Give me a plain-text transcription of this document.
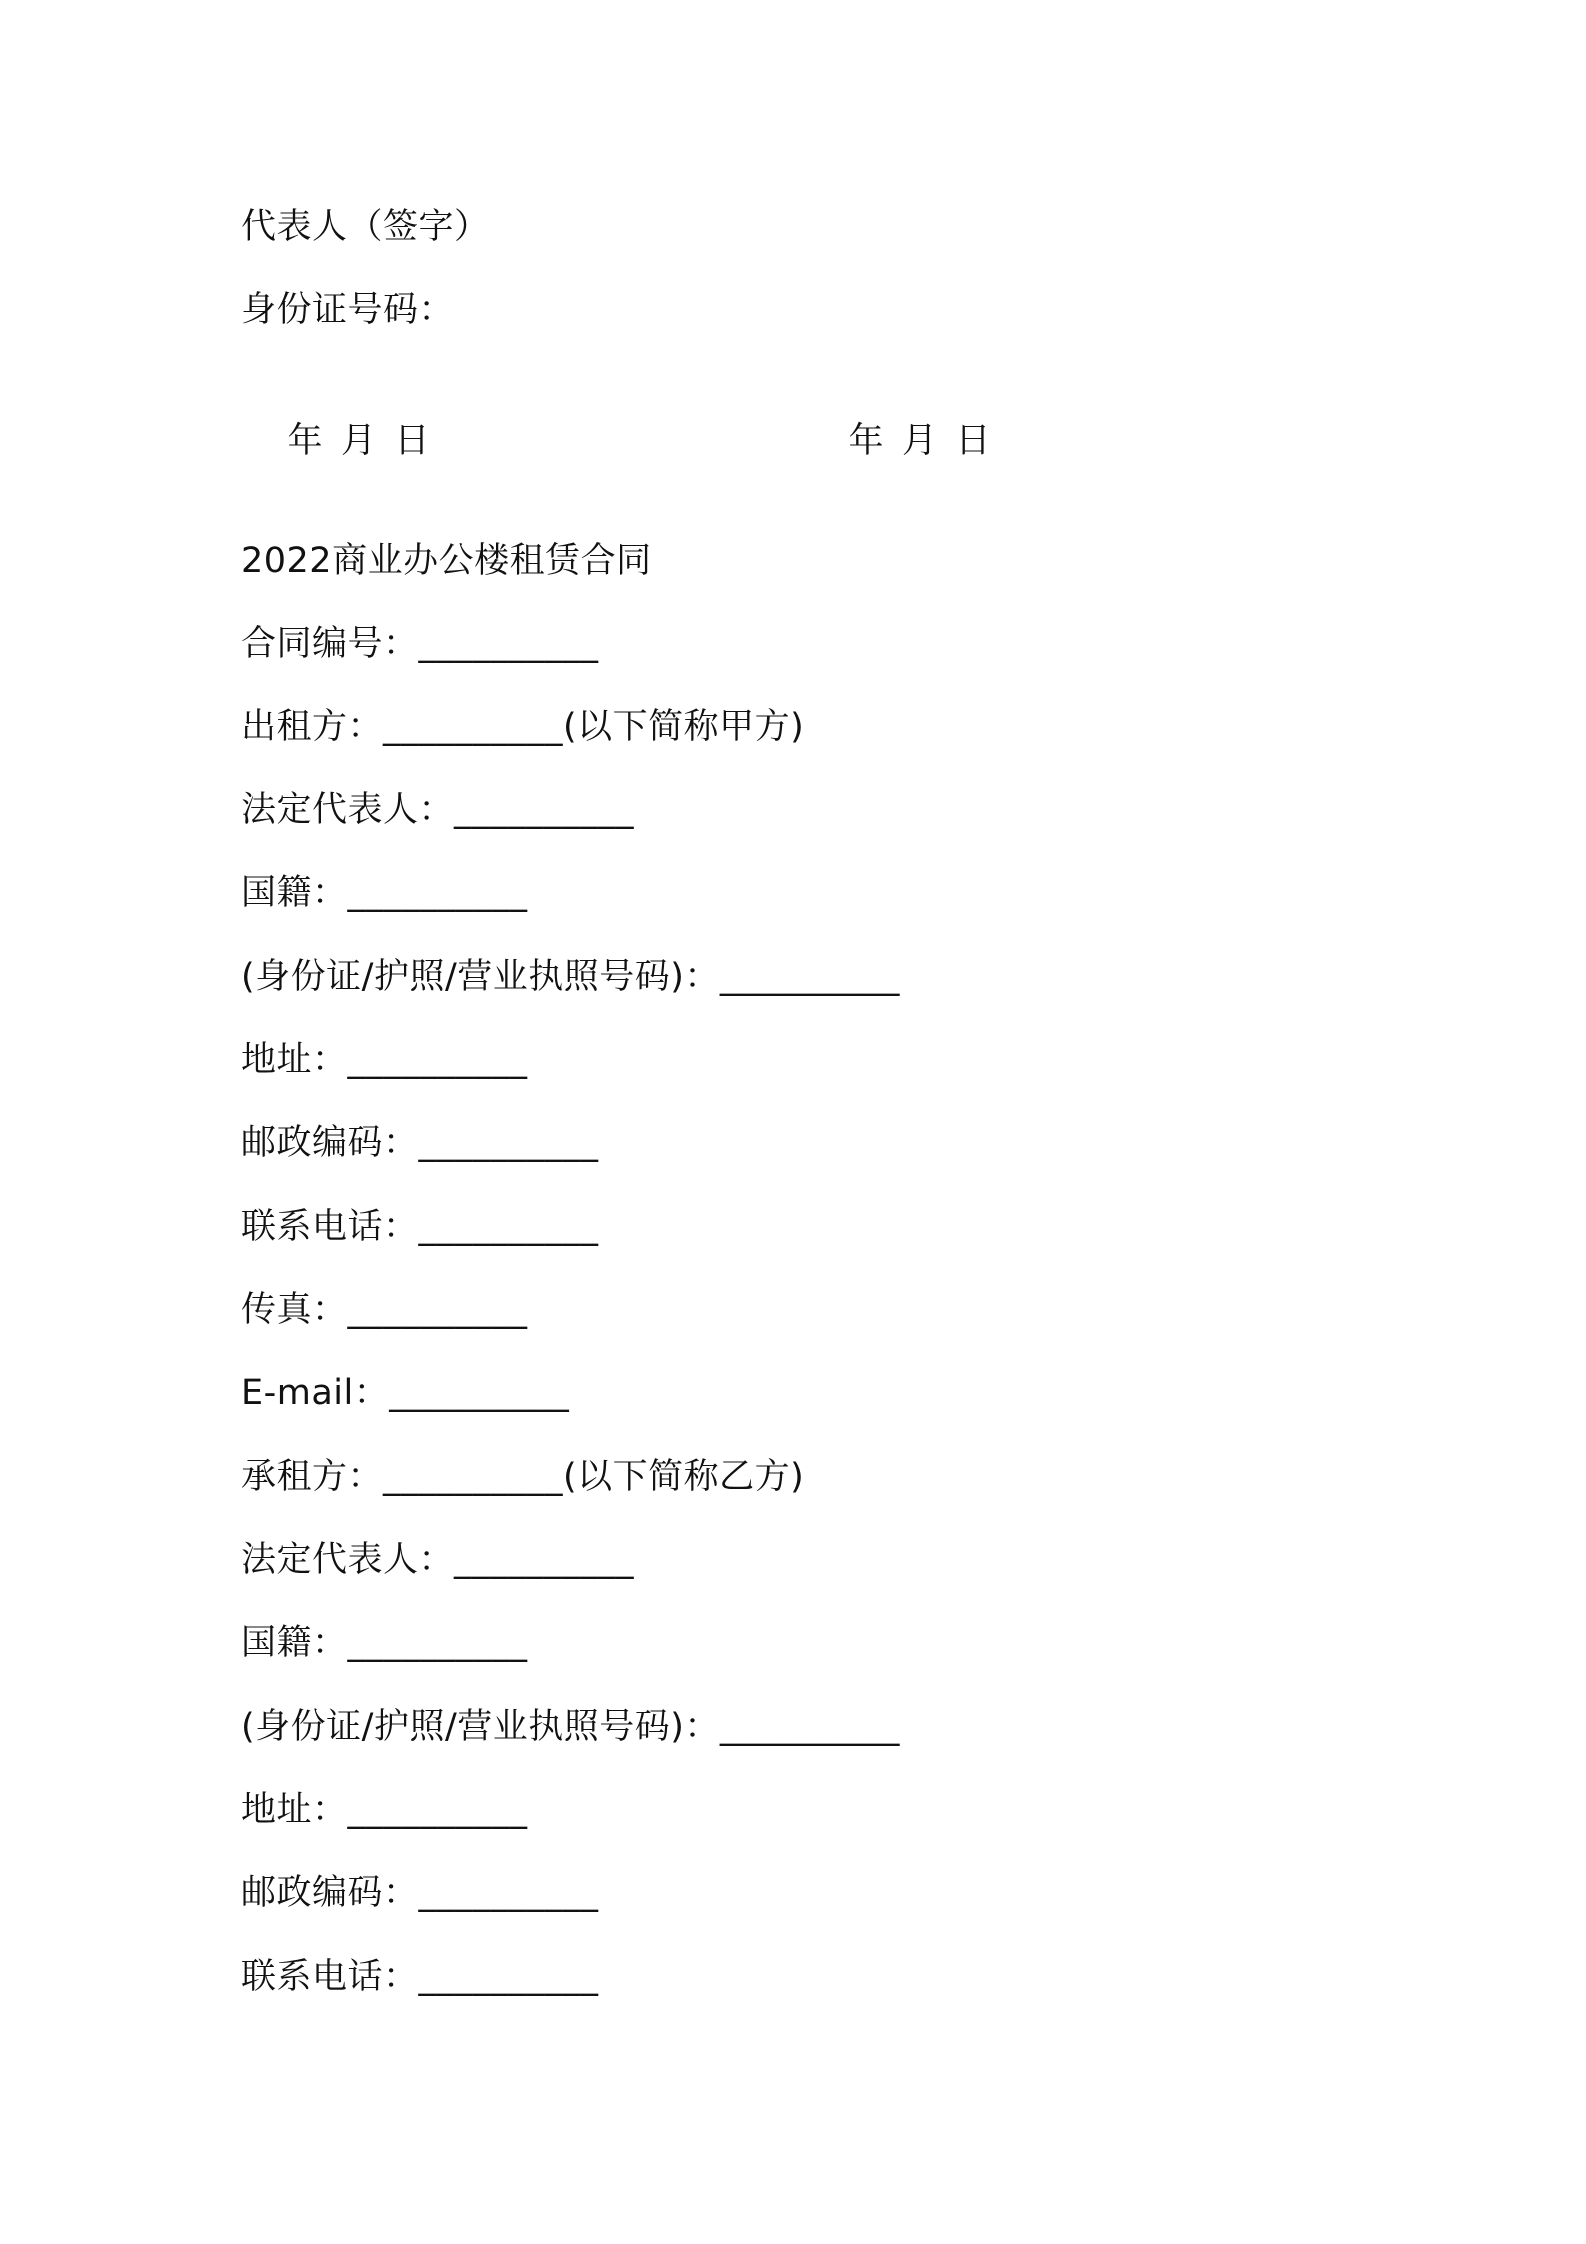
代表人（签字）
身份证号码：

年 月 日
	年 月 日

2022商业办公楼租赁合同
合同编号：__________
出租方：__________(以下简称甲方)
法定代表人：__________
国籍：__________
(身份证/护照/营业执照号码)：__________
地址：__________
邮政编码：__________
联系电话：__________
传真：__________
E-mail：__________
承租方：__________(以下简称乙方)
法定代表人：__________
国籍：__________
(身份证/护照/营业执照号码)：__________
地址：__________
邮政编码：__________
联系电话：__________
